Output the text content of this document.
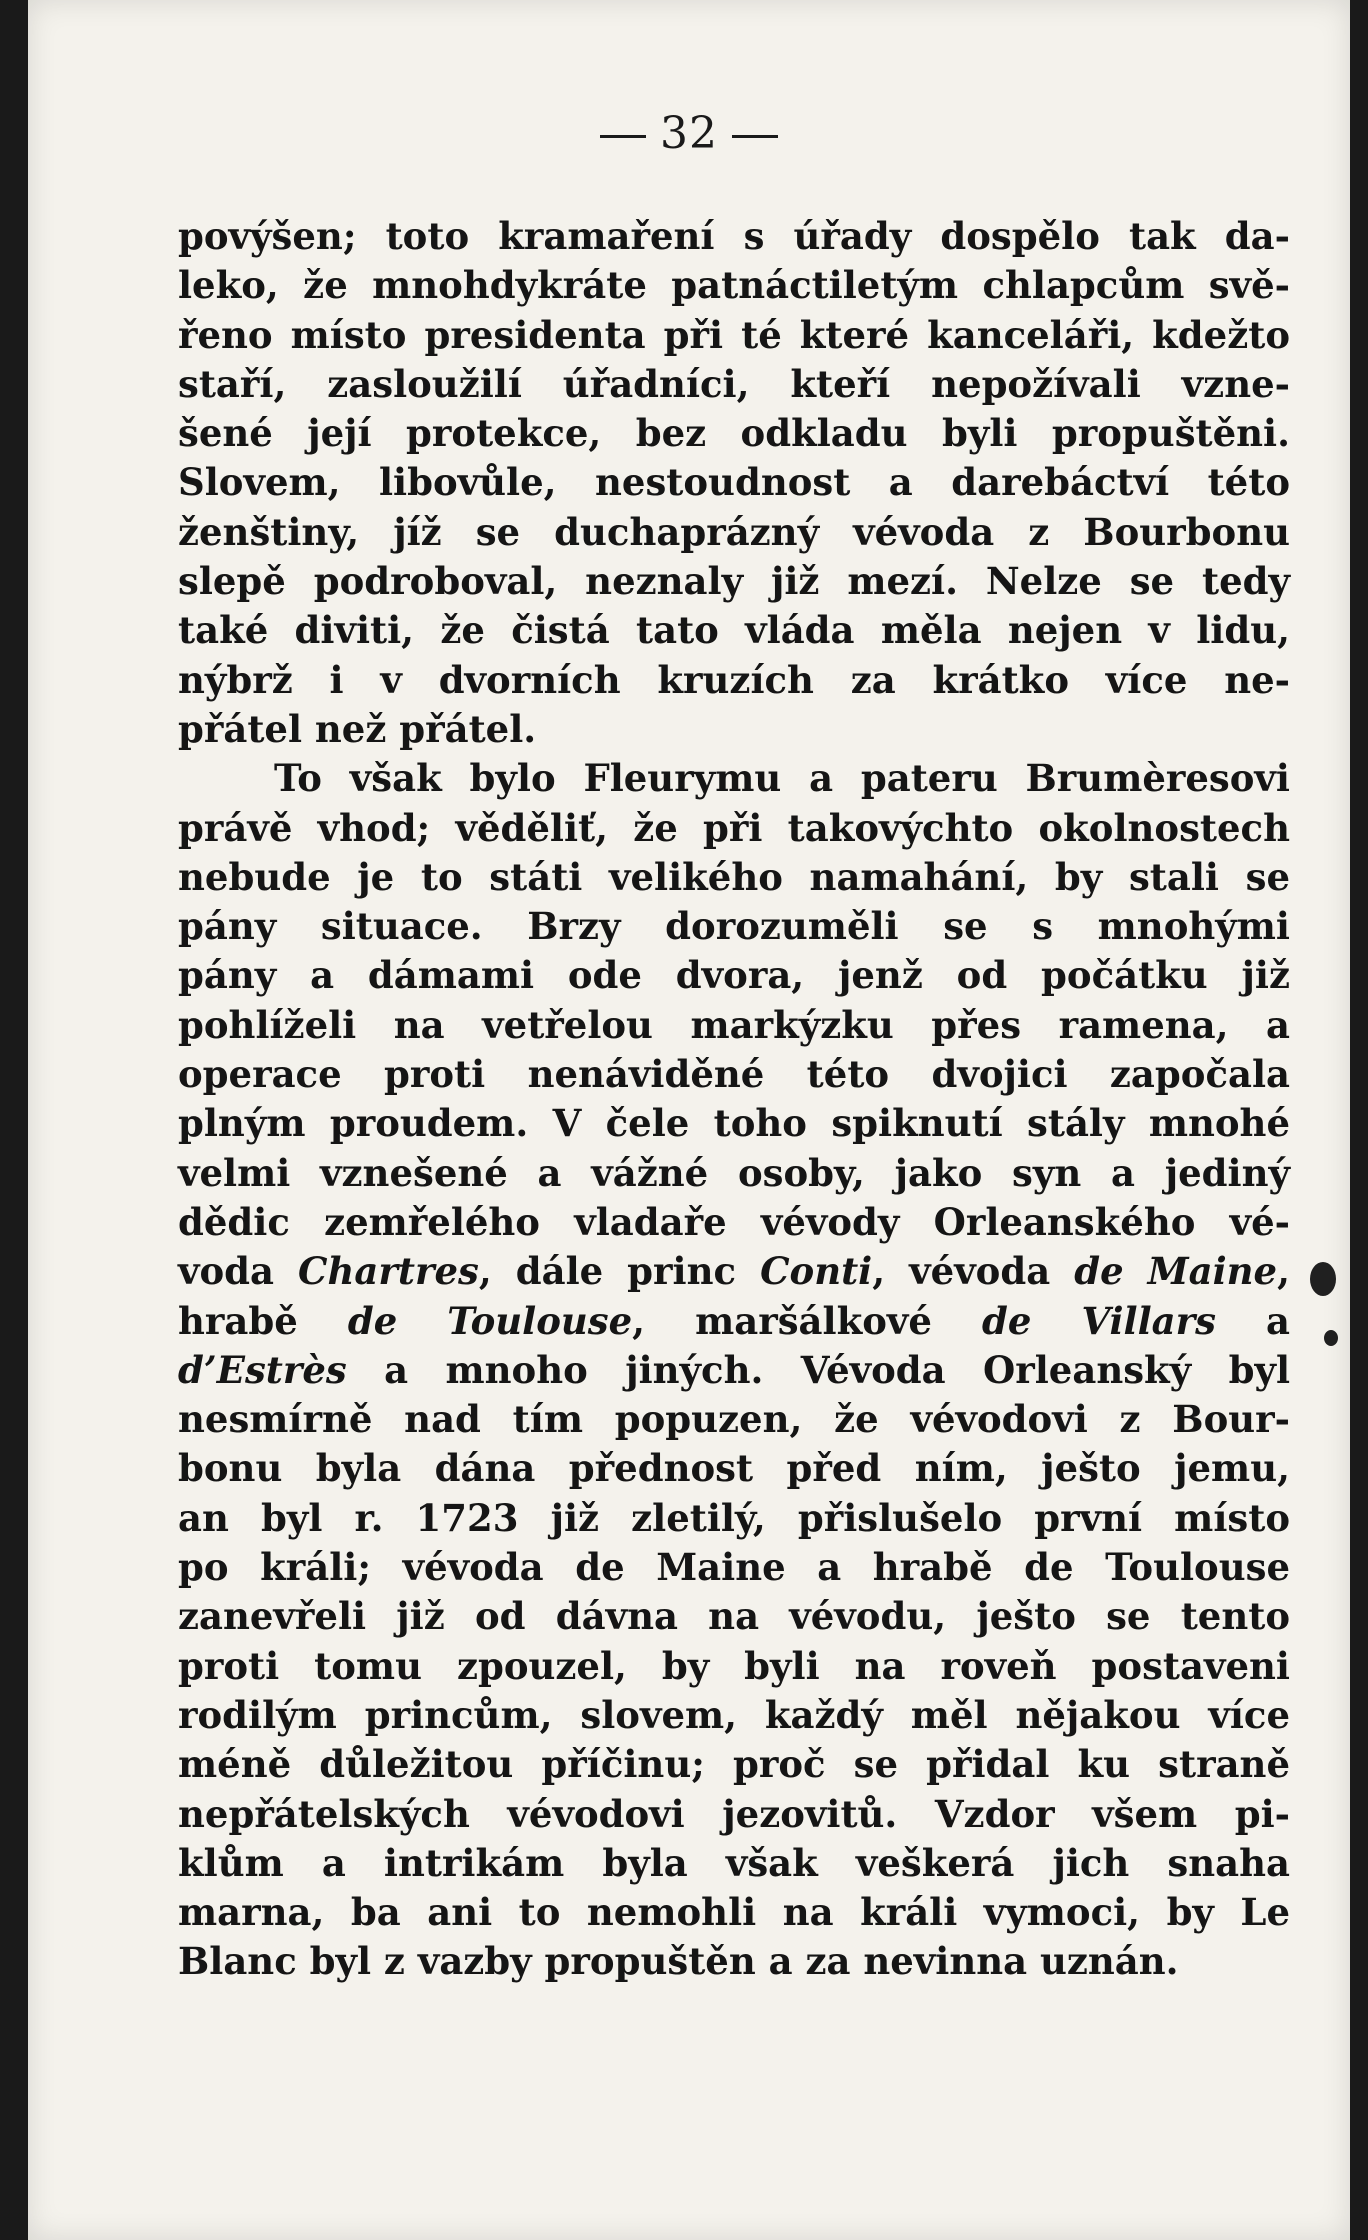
32
povýšen; toto kramaření s úřady dospělo tak da-
leko, že mnohdykráte patnáctiletým chlapcům svě-
řeno místo presidenta při té které kanceláři, kdežto
staří, zasloužilí úřadníci, kteří nepožívali vzne-
šené její protekce, bez odkladu byli propuštěni.
Slovem, libovůle, nestoudnost a darebáctví této
ženštiny, jíž se duchaprázný vévoda z Bourbonu
slepě podroboval, neznaly již mezí. Nelze se tedy
také diviti, že čistá tato vláda měla nejen v lidu,
nýbrž i v dvorních kruzích za krátko více ne-
přátel než přátel.
To však bylo Fleurymu a pateru Brumèresovi
právě vhod; věděliť, že při takovýchto okolnostech
nebude je to státi velikého namahání, by stali se
pány situace. Brzy dorozuměli se s mnohými
pány a dámami ode dvora, jenž od počátku již
pohlíželi na vetřelou markýzku přes ramena, a
operace proti nenáviděné této dvojici započala
plným proudem. V čele toho spiknutí stály mnohé
velmi vznešené a vážné osoby, jako syn a jediný
dědic zemřelého vladaře vévody Orleanského vé-
voda Chartres, dále princ Conti, vévoda de Maine,
hrabě de Toulouse, maršálkové de Villars a
d’Estrès a mnoho jiných. Vévoda Orleanský byl
nesmírně nad tím popuzen, že vévodovi z Bour-
bonu byla dána přednost před ním, ješto jemu,
an byl r. 1723 již zletilý, přislušelo první místo
po králi; vévoda de Maine a hrabě de Toulouse
zanevřeli již od dávna na vévodu, ješto se tento
proti tomu zpouzel, by byli na roveň postaveni
rodilým princům, slovem, každý měl nějakou více
méně důležitou příčinu; proč se přidal ku straně
nepřátelských vévodovi jezovitů. Vzdor všem pi-
klům a intrikám byla však veškerá jich snaha
marna, ba ani to nemohli na králi vymoci, by Le
Blanc byl z vazby propuštěn a za nevinna uznán.
